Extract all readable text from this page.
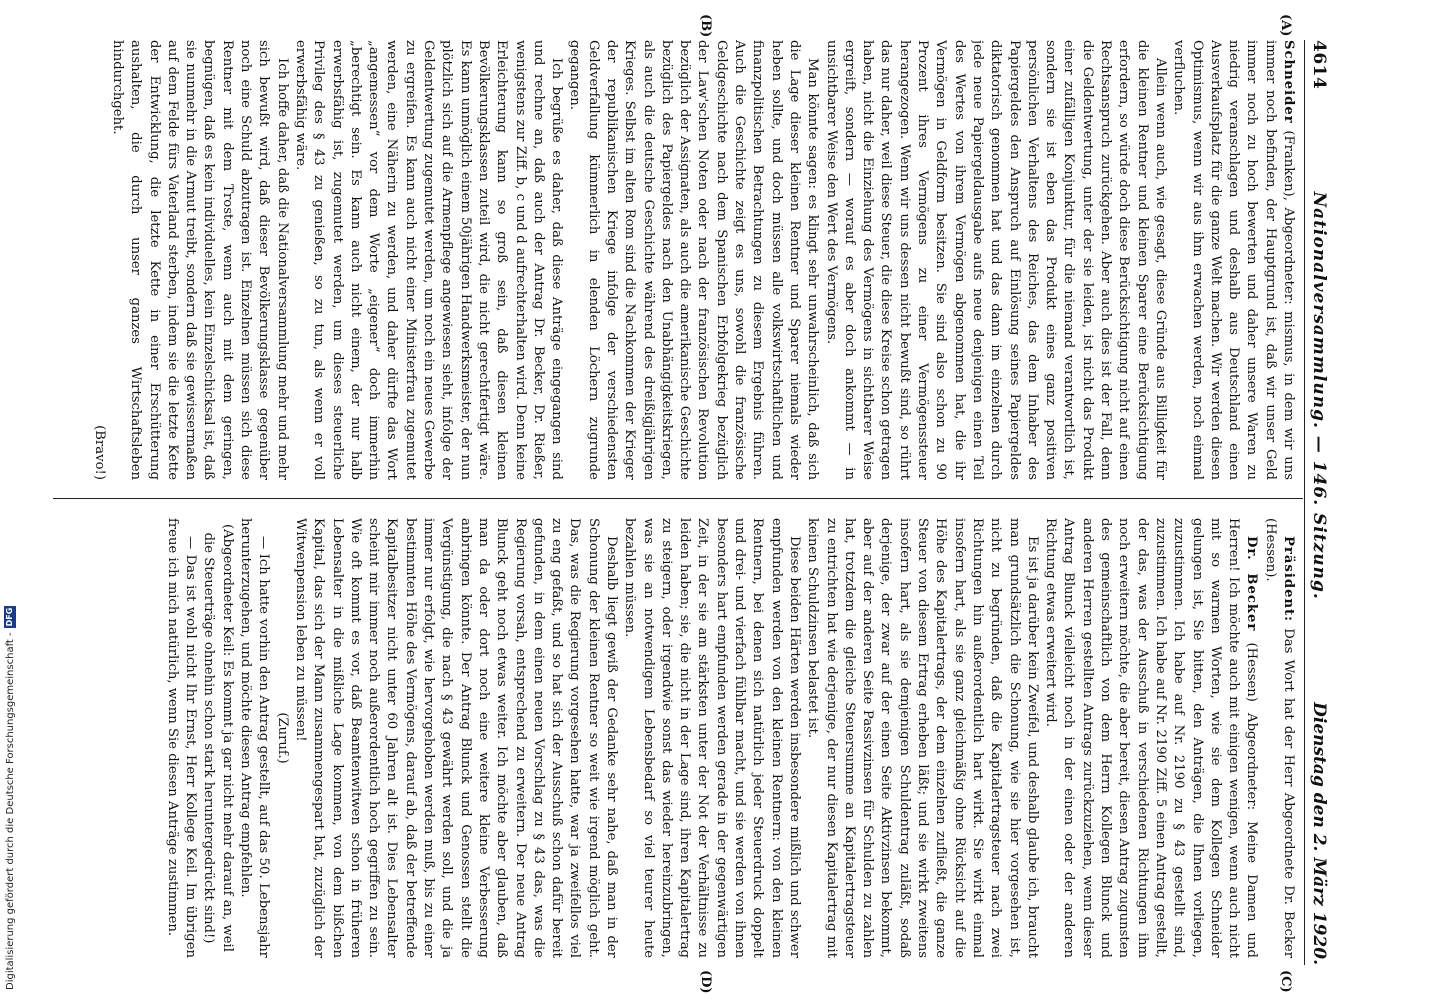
4614
Nationalversammlung. — 146. Sitzung.
Dienstag den 2. März 1920.
(A)
(B)
(C)
(D)

Schneider (Franken), Abgeordneter: mismus, in dem wir uns immer noch befinden, der Hauptgrund ist, daß wir unser Geld immer noch zu hoch bewerten und daher unsere Waren zu niedrig veranschlagen und deshalb aus Deutschland einen Ausverkaufsplatz für die ganze Welt machen. Wir werden diesen Optimismus, wenn wir aus ihm erwachen werden, noch einmal verfluchen.

Allein wenn auch, wie gesagt, diese Gründe aus Billigkeit für die kleinen Rentner und kleinen Sparer eine Berücksichtigung erfordern, so würde doch diese Berücksichtigung nicht auf einen Rechtsanspruch zurückgehen. Aber auch dies ist der Fall, denn die Geldentwertung, unter der sie leiden, ist nicht das Produkt einer zufälligen Konjunktur, für die niemand verantwortlich ist, sondern sie ist eben das Produkt eines ganz positiven persönlichen Verhaltens des Reiches, das dem Inhaber des Papiergeldes den Anspruch auf Einlösung seines Papiergeldes diktatorisch genommen hat und das dann im einzelnen durch jede neue Papiergeldausgabe aufs neue denjenigen einen Teil des Wertes von ihrem Vermögen abgenommen hat, die ihr Vermögen in Geldform besitzen. Sie sind also schon zu 90 Prozent ihres Vermögens zu einer Vermögenssteuer herangezogen. Wenn wir uns dessen nicht bewußt sind, so rührt das nur daher, weil diese Steuer, die diese Kreise schon getragen haben, nicht die Einziehung des Vermögens in sichtbarer Weise ergreift, sondern — worauf es aber doch ankommt — in unsichtbarer Weise den Wert des Vermögens.

Man könnte sagen: es klingt sehr unwahrscheinlich, daß sich die Lage dieser kleinen Rentner und Sparer niemals wieder heben sollte, und doch müssen alle volkswirtschaftlichen und finanzpolitischen Betrachtungen zu diesem Ergebnis führen. Auch die Geschichte zeigt es uns, sowohl die französische Geldgeschichte nach dem Spanischen Erbfolgekrieg bezüglich der Law'schen Noten oder nach der französischen Revolution bezüglich der Assignaten, als auch die amerikanische Geschichte bezüglich des Papiergeldes nach den Unabhängigkeitskriegen, als auch die deutsche Geschichte während des dreißigjährigen Krieges. Selbst im alten Rom sind die Nachkommen der Krieger der republikanischen Kriege infolge der verschiedensten Geldverfallung kümmerlich in elenden Löchern zugrunde gegangen.

Ich begrüße es daher, daß diese Anträge eingegangen sind und rechne an, daß auch der Antrag Dr. Becker, Dr. Rießer, wenigstens zur Ziff. b, c und d aufrechterhalten wird. Denn keine Erleichterung kann so groß sein, daß diesen kleinen Bevölkerungsklassen zuteil wird, die nicht gerechtfertigt wäre. Es kann unmöglich einem 50jährigen Handwerksmeister, der nun plötzlich sich auf die Armenpflege angewiesen sieht, infolge der Geldentwertung zugemutet werden, um noch ein neues Gewerbe zu ergreifen. Es kann auch nicht einer Ministerfrau zugemutet werden, eine Näherin zu werden, und daher dürfte das Wort „angemessen“ vor dem Worte „eigener“ doch immerhin „berechtigt sein. Es kann auch nicht einem, der nur halb erwerbsfähig ist, zugemutet werden, um dieses steuerliche Privileg des § 43 zu genießen, so zu tun, als wenn er voll erwerbsfähig wäre.

Ich hoffe daher, daß die Nationalversammlung mehr und mehr sich bewußt wird, daß dieser Bevölkerungsklasse gegenüber noch eine Schuld abzutragen ist. Einzelnen müssen sich diese Rentner mit dem Troste, wenn auch mit dem geringen, begnügen, daß es kein individuelles, kein Einzelschicksal ist, daß sie nunmehr in die Armut treibt, sondern daß sie gewissermaßen auf dem Felde fürs Vaterland sterben, indem sie die letzte Kette der Entwicklung, die letzte Kette in einer Erschütterung aushalten, die durch unser ganzes Wirtschaftsleben hindurchgeht.

(Bravo!)

Präsident: Das Wort hat der Herr Abgeordnete Dr. Becker (Hessen).

Dr. Becker (Hessen) Abgeordneter: Meine Damen und Herren! Ich möchte auch mit einigen wenigen, wenn auch nicht mit so warmen Worten, wie sie dem Kollegen Schneider gelungen ist, Sie bitten, den Anträgen, die Ihnen vorliegen, zuzustimmen. Ich habe auf Nr. 2190 zu § 43 gestellt sind, zuzustimmen. Ich habe auf Nr. 2190 Ziff. 5 einen Antrag gestellt, der das, was der Ausschuß in verschiedenen Richtungen ihm noch erweitern möchte, die aber bereit, diesen Antrag zugunsten des gemeinschaftlich von dem Herrn Kollegen Blunck und anderen Herren gestellten Antrags zurückzuziehen, wenn dieser Antrag Blunck vielleicht noch in der einen oder der anderen Richtung etwas erweitert wird.

Es ist ja darüber kein Zweifel, und deshalb glaube ich, braucht man grundsätzlich die Schonung, wie sie hier vorgesehen ist, nicht zu begründen, daß die Kapitalertragsteuer nach zwei Richtungen hin außerordentlich hart wirkt. Sie wirkt einmal insofern hart, als sie ganz gleichmäßig ohne Rücksicht auf die Höhe des Kapitalertrags, der dem einzelnen zufließt, die ganze Steuer von diesem Ertrag erheben läßt; und sie wirkt zweitens insofern hart, als sie demjenigen Schuldentrag zuläßt, sodaß derjenige, der zwar auf der einen Seite Aktivzinsen bekommt, aber auf der anderen Seite Passivzinsen für Schulden zu zahlen hat, trotzdem die gleiche Steuersumme an Kapitalertragsteuer zu entrichten hat wie derjenige, der nur diesen Kapitalertrag mit keinen Schuldzinsen belastet ist.

Diese beiden Härten werden insbesondere mißlich und schwer empfunden werden von den kleinen Rentnern: von den kleinen Rentnern, bei denen sich natürlich jeder Steuerdruck doppelt und drei- und vierfach fühlbar macht, und sie werden von ihnen besonders hart empfunden werden gerade in der gegenwärtigen Zeit, in der sie am stärksten unter der Not der Verhältnisse zu leiden haben; sie, die nicht in der Lage sind, ihren Kapitalertrag zu steigern, oder irgendwie sonst das wieder hereinzubringen, was sie an notwendigem Lebensbedarf so viel teurer heute bezahlen müssen.

Deshalb liegt gewiß der Gedanke sehr nahe, daß man in der Schonung der kleinen Rentner so weit wie irgend möglich geht. Das, was die Regierung vorgesehen hatte, war ja zweifellos viel zu eng gefaßt, und so hat sich der Ausschuß schon dafür bereit gefunden, in dem einen neuen Vorschlag zu § 43 das, was die Regierung vorsah, entsprechend zu erweitern. Der neue Antrag Blunck geht noch etwas weiter. Ich möchte aber glauben, daß man da oder dort noch eine weitere kleine Verbesserung anbringen könnte. Der Antrag Blunck und Genossen stellt die Vergünstigung, die nach § 43 gewährt werden soll, und die ja immer nur erfolgt, wie hervorgehoben werden muß, bis zu einer bestimmten Höhe des Vermögens, darauf ab, daß der betreffende Kapitalbesitzer nicht unter 60 Jahren alt ist. Dies Lebensalter scheint mir immer noch außerordentlich hoch gegriffen zu sein. Wie oft kommt es vor, daß Beamtenwitwen schon in früheren Lebensalter in die mißliche Lage kommen, von dem bißchen Kapital, das sich der Mann zusammengespart hat, zuzüglich der Witwenpension leben zu müssen!

(Zuruf.)

— Ich hatte vorhin den Antrag gestellt, auf das 50. Lebensjahr herunterzugehen, und möchte diesen Antrag empfehlen.

(Abgeordneter Keil: Es kommt ja gar nicht mehr darauf an, weil die Steuerträge ohnehin schon stark heruntergedrückt sind!)

— Das ist wohl nicht Ihr Ernst, Herr Kollege Keil. Im übrigen freue ich mich natürlich, wenn Sie diesen Anträge zustimmen.

Digitalisierung gefördert durch die Deutsche Forschungsgemeinschaft -
DFG
